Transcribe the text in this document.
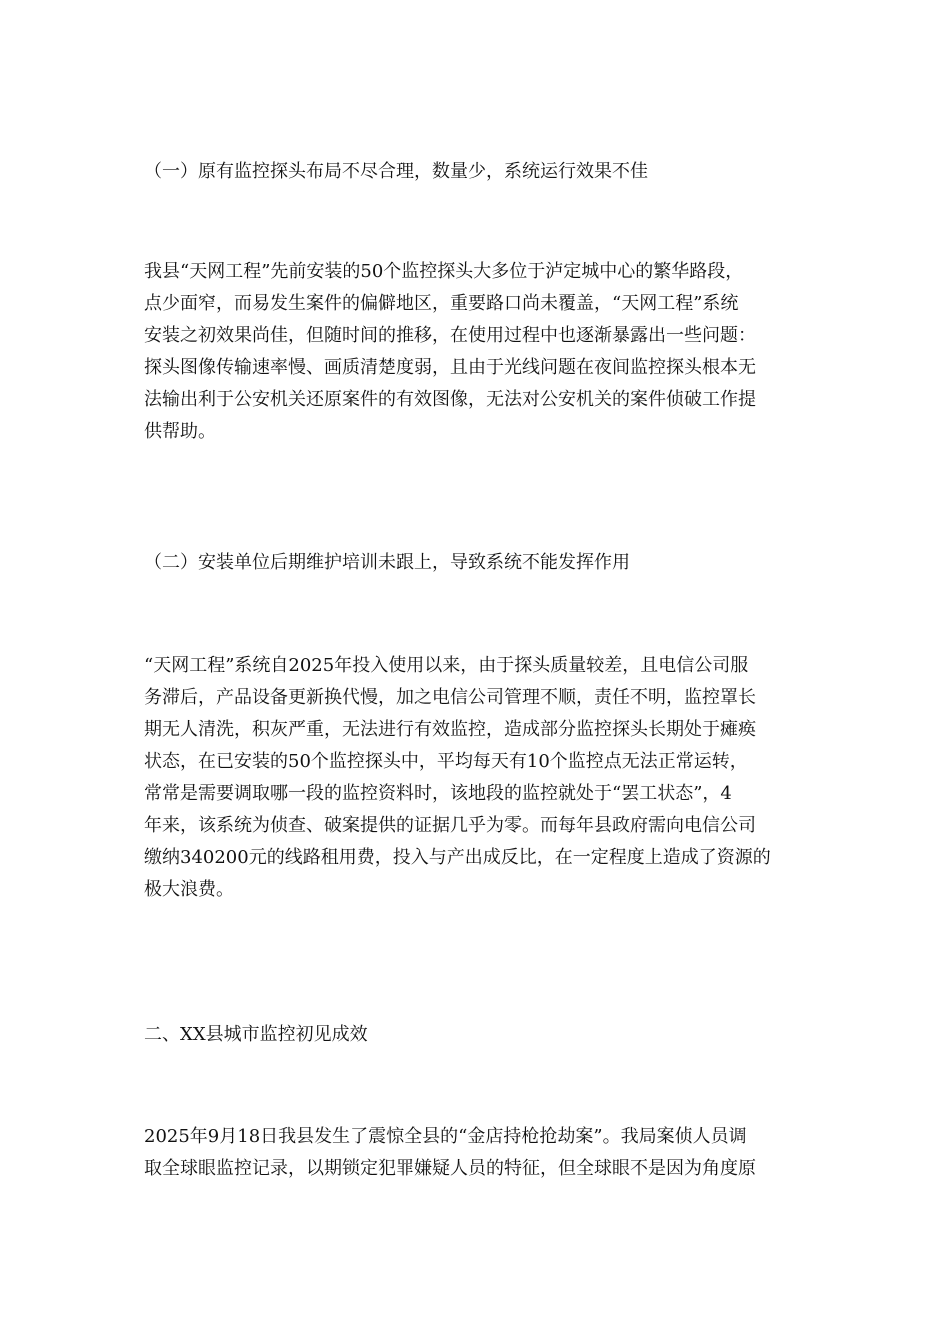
（一）原有监控探头布局不尽合理，数量少，系统运行效果不佳

我县“天网工程”先前安装的50个监控探头大多位于泸定城中心的繁华路段，
点少面窄，而易发生案件的偏僻地区，重要路口尚未覆盖，“天网工程”系统
安装之初效果尚佳，但随时间的推移，在使用过程中也逐渐暴露出一些问题：
探头图像传输速率慢、画质清楚度弱，且由于光线问题在夜间监控探头根本无
法输出利于公安机关还原案件的有效图像，无法对公安机关的案件侦破工作提
供帮助。

（二）安装单位后期维护培训未跟上，导致系统不能发挥作用

“天网工程”系统自2025年投入使用以来，由于探头质量较差，且电信公司服
务滞后，产品设备更新换代慢，加之电信公司管理不顺，责任不明，监控罩长
期无人清洗，积灰严重，无法进行有效监控，造成部分监控探头长期处于瘫痪
状态，在已安装的50个监控探头中，平均每天有10个监控点无法正常运转，
常常是需要调取哪一段的监控资料时，该地段的监控就处于“罢工状态”，4
年来，该系统为侦查、破案提供的证据几乎为零。而每年县政府需向电信公司
缴纳340200元的线路租用费，投入与产出成反比，在一定程度上造成了资源的
极大浪费。

二、XX县城市监控初见成效

2025年9月18日我县发生了震惊全县的“金店持枪抢劫案”。我局案侦人员调
取全球眼监控记录，以期锁定犯罪嫌疑人员的特征，但全球眼不是因为角度原
